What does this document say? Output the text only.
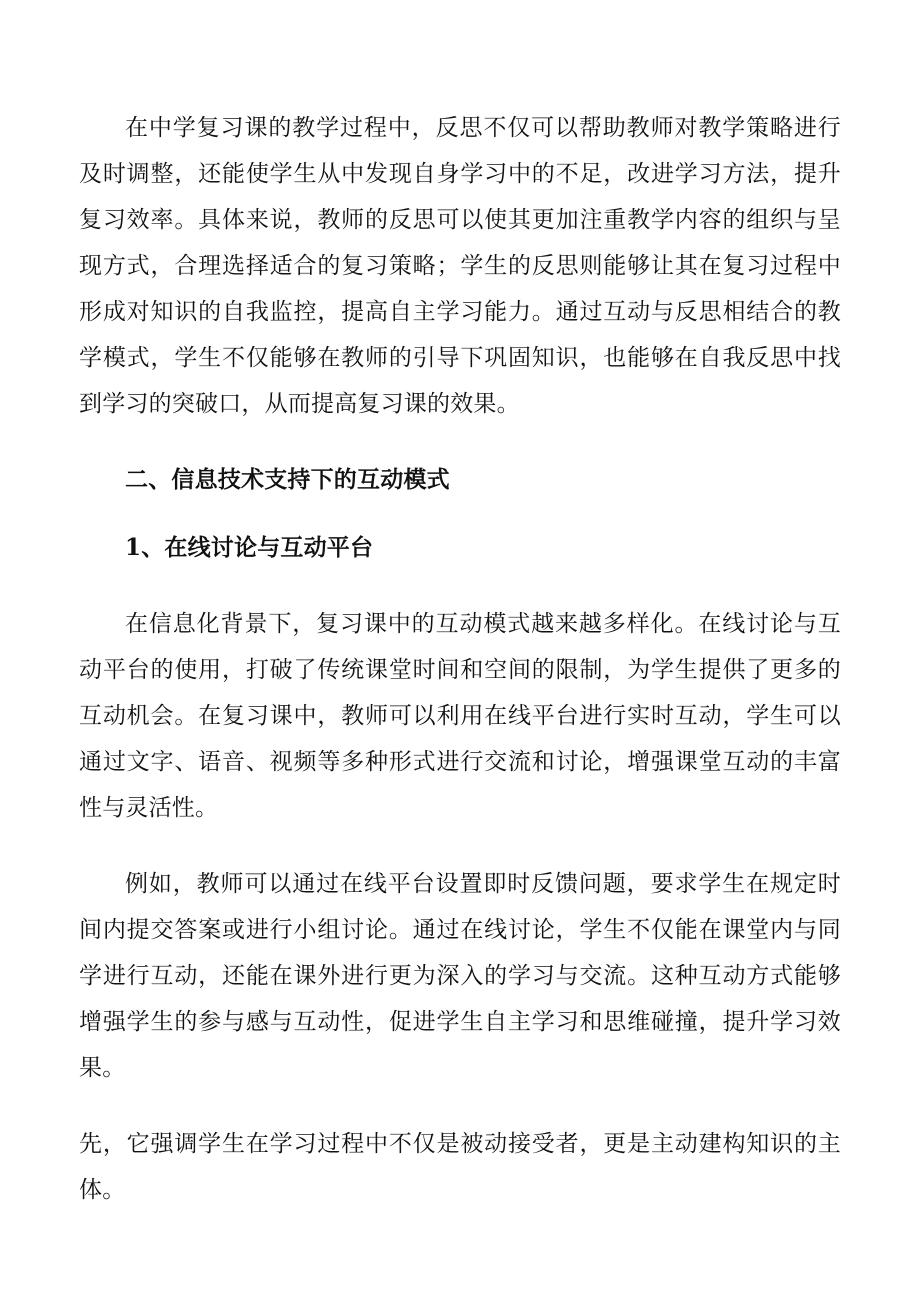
在中学复习课的教学过程中，反思不仅可以帮助教师对教学策略进行及时调整，还能使学生从中发现自身学习中的不足，改进学习方法，提升复习效率。具体来说，教师的反思可以使其更加注重教学内容的组织与呈现方式，合理选择适合的复习策略；学生的反思则能够让其在复习过程中形成对知识的自我监控，提高自主学习能力。通过互动与反思相结合的教学模式，学生不仅能够在教师的引导下巩固知识，也能够在自我反思中找到学习的突破口，从而提高复习课的效果。

二、信息技术支持下的互动模式
1、在线讨论与互动平台

在信息化背景下，复习课中的互动模式越来越多样化。在线讨论与互动平台的使用，打破了传统课堂时间和空间的限制，为学生提供了更多的互动机会。在复习课中，教师可以利用在线平台进行实时互动，学生可以通过文字、语音、视频等多种形式进行交流和讨论，增强课堂互动的丰富性与灵活性。

例如，教师可以通过在线平台设置即时反馈问题，要求学生在规定时间内提交答案或进行小组讨论。通过在线讨论，学生不仅能在课堂内与同学进行互动，还能在课外进行更为深入的学习与交流。这种互动方式能够增强学生的参与感与互动性，促进学生自主学习和思维碰撞，提升学习效果。

先，它强调学生在学习过程中不仅是被动接受者，更是主动建构知识的主体。
